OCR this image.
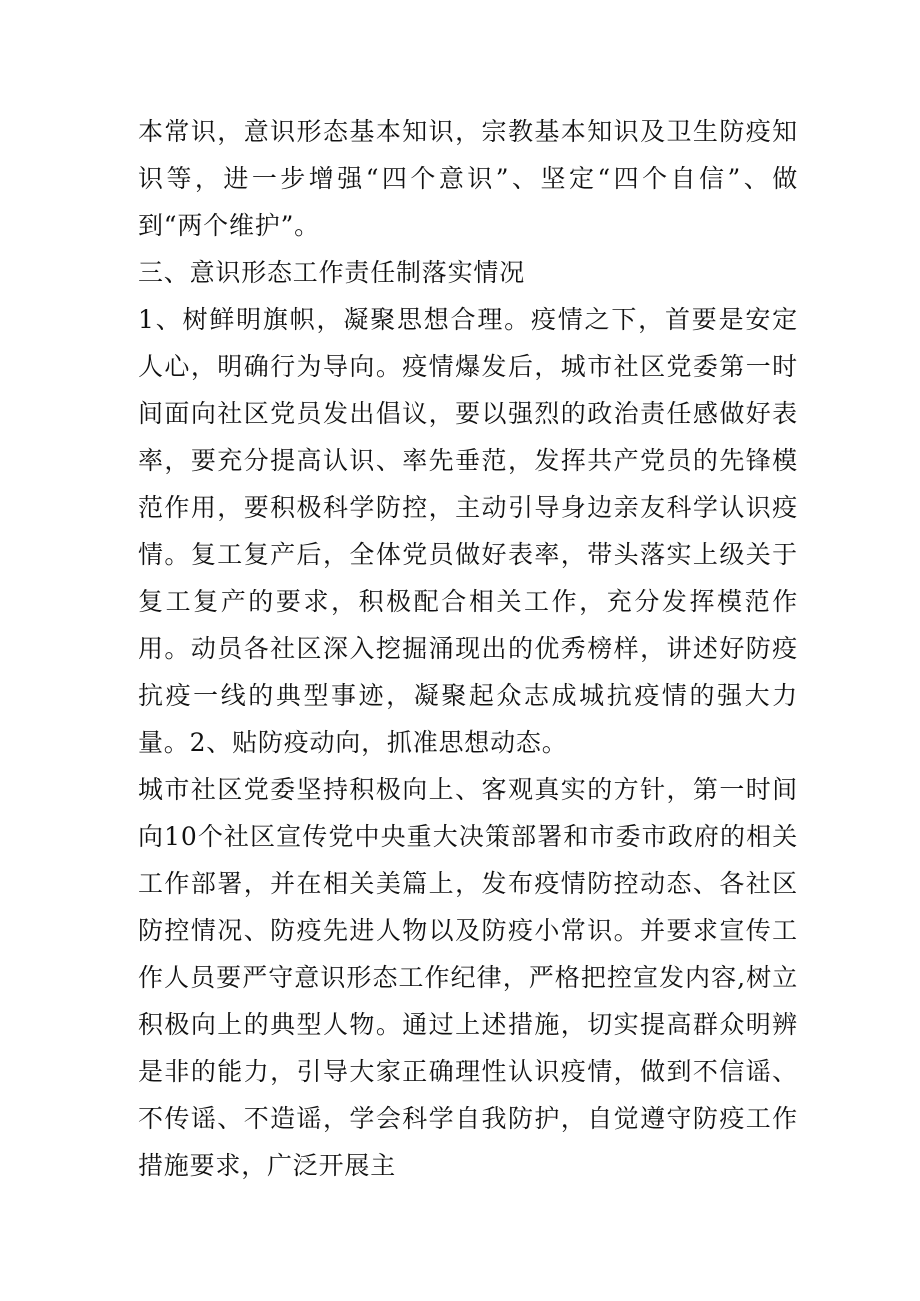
本常识，意识形态基本知识，宗教基本知识及卫生防疫知识等，进一步增强“四个意识”、坚定“四个自信”、做到“两个维护”。

三、意识形态工作责任制落实情况

1、树鲜明旗帜，凝聚思想合理。疫情之下，首要是安定人心，明确行为导向。疫情爆发后，城市社区党委第一时间面向社区党员发出倡议，要以强烈的政治责任感做好表率，要充分提高认识、率先垂范，发挥共产党员的先锋模范作用，要积极科学防控，主动引导身边亲友科学认识疫情。复工复产后，全体党员做好表率，带头落实上级关于复工复产的要求，积极配合相关工作，充分发挥模范作用。动员各社区深入挖掘涌现出的优秀榜样，讲述好防疫抗疫一线的典型事迹，凝聚起众志成城抗疫情的强大力量。2、贴防疫动向，抓准思想动态。

城市社区党委坚持积极向上、客观真实的方针，第一时间向10个社区宣传党中央重大决策部署和市委市政府的相关工作部署，并在相关美篇上，发布疫情防控动态、各社区防控情况、防疫先进人物以及防疫小常识。并要求宣传工作人员要严守意识形态工作纪律，严格把控宣发内容,树立积极向上的典型人物。通过上述措施，切实提高群众明辨是非的能力，引导大家正确理性认识疫情，做到不信谣、不传谣、不造谣，学会科学自我防护，自觉遵守防疫工作措施要求，广泛开展主
